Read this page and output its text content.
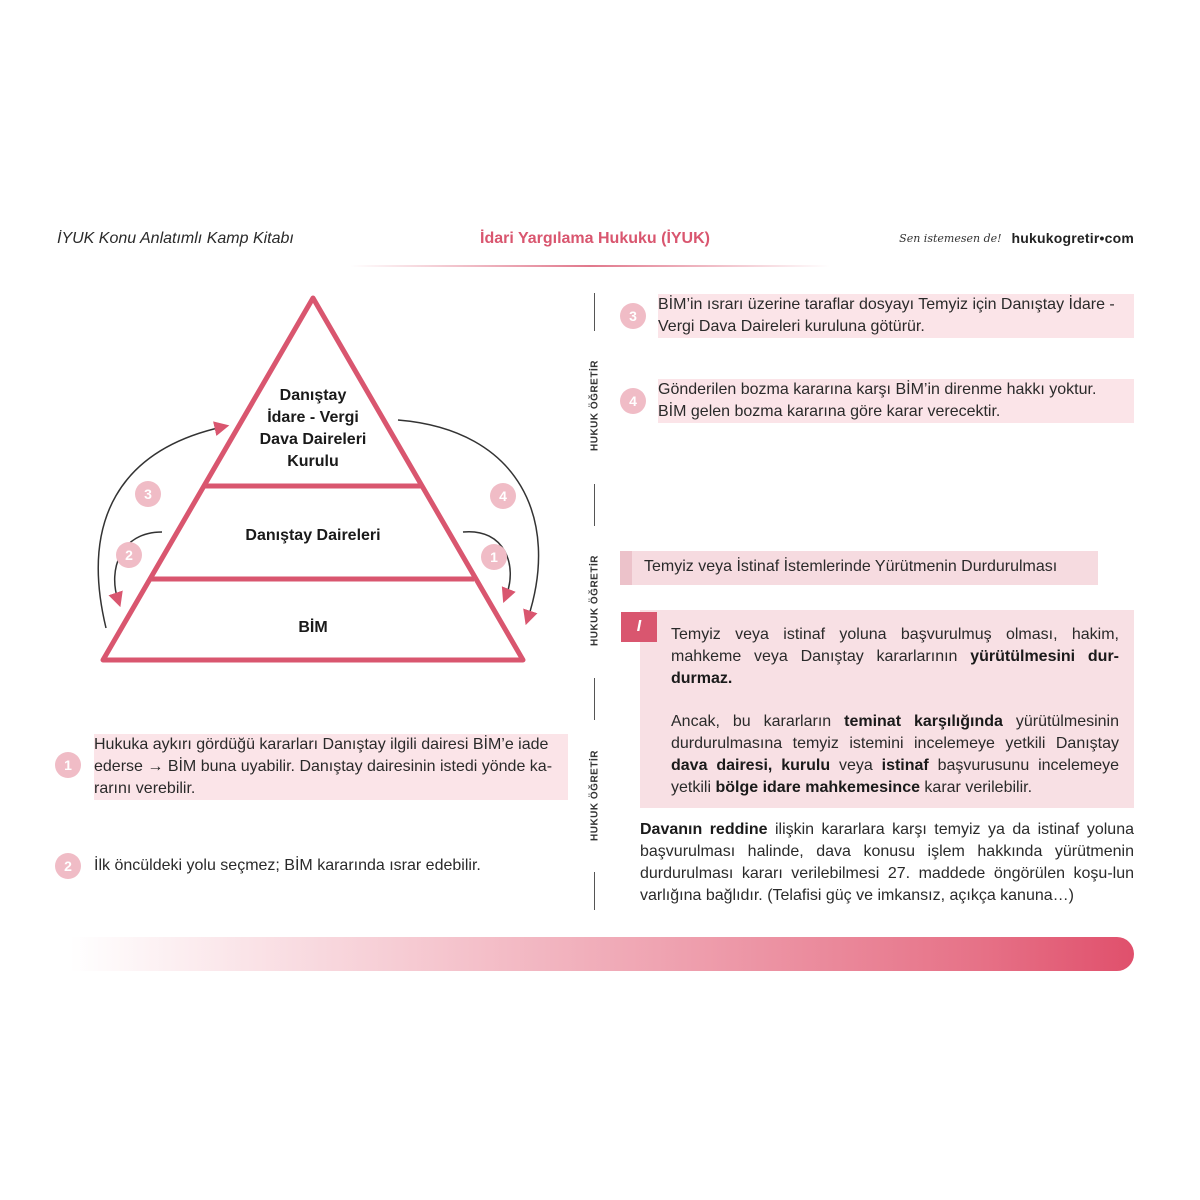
İYUK Konu Anlatımlı Kamp Kitabı	İdari Yargılama Hukuku (İYUK)	Sen istemesen de! hukukogretir•com
Danıştay
İdare - Vergi
Dava Daireleri
Kurulu
Danıştay Daireleri
BİM
3
2
4
1
1
Hukuka aykırı gördüğü kararları Danıştay ilgili dairesi BİM’e iade
ederse → BİM buna uyabilir. Danıştay dairesinin istedi yönde ka-
rarını verebilir.
2	İlk öncüldeki yolu seçmez; BİM kararında ısrar edebilir.
HUKUK ÖĞRETİR
HUKUK ÖĞRETİR
HUKUK ÖĞRETİR
3
BİM’in ısrarı üzerine taraflar dosyayı Temyiz için Danıştay İdare -
Vergi Dava Daireleri kuruluna götürür.
4
Gönderilen bozma kararına karşı BİM’in direnme hakkı yoktur.
BİM gelen bozma kararına göre karar verecektir.
Temyiz veya İstinaf İstemlerinde Yürütmenin Durdurulması
I	Temyiz veya istinaf yoluna başvurulmuş olması, hakim, mahkeme veya Danıştay kararlarının yürütülmesini dur-durmaz.
Ancak, bu kararların teminat karşılığında yürütülmesinin durdurulmasına temyiz istemini incelemeye yetkili Danıştay dava dairesi, kurulu veya istinaf başvurusunu incelemeye yetkili bölge idare mahkemesince karar verilebilir.
Davanın reddine ilişkin kararlara karşı temyiz ya da istinaf yoluna başvurulması halinde, dava konusu işlem hakkında yürütmenin durdurulması kararı verilebilmesi 27. maddede öngörülen koşu-lun varlığına bağlıdır. (Telafisi güç ve imkansız, açıkça kanuna…)
